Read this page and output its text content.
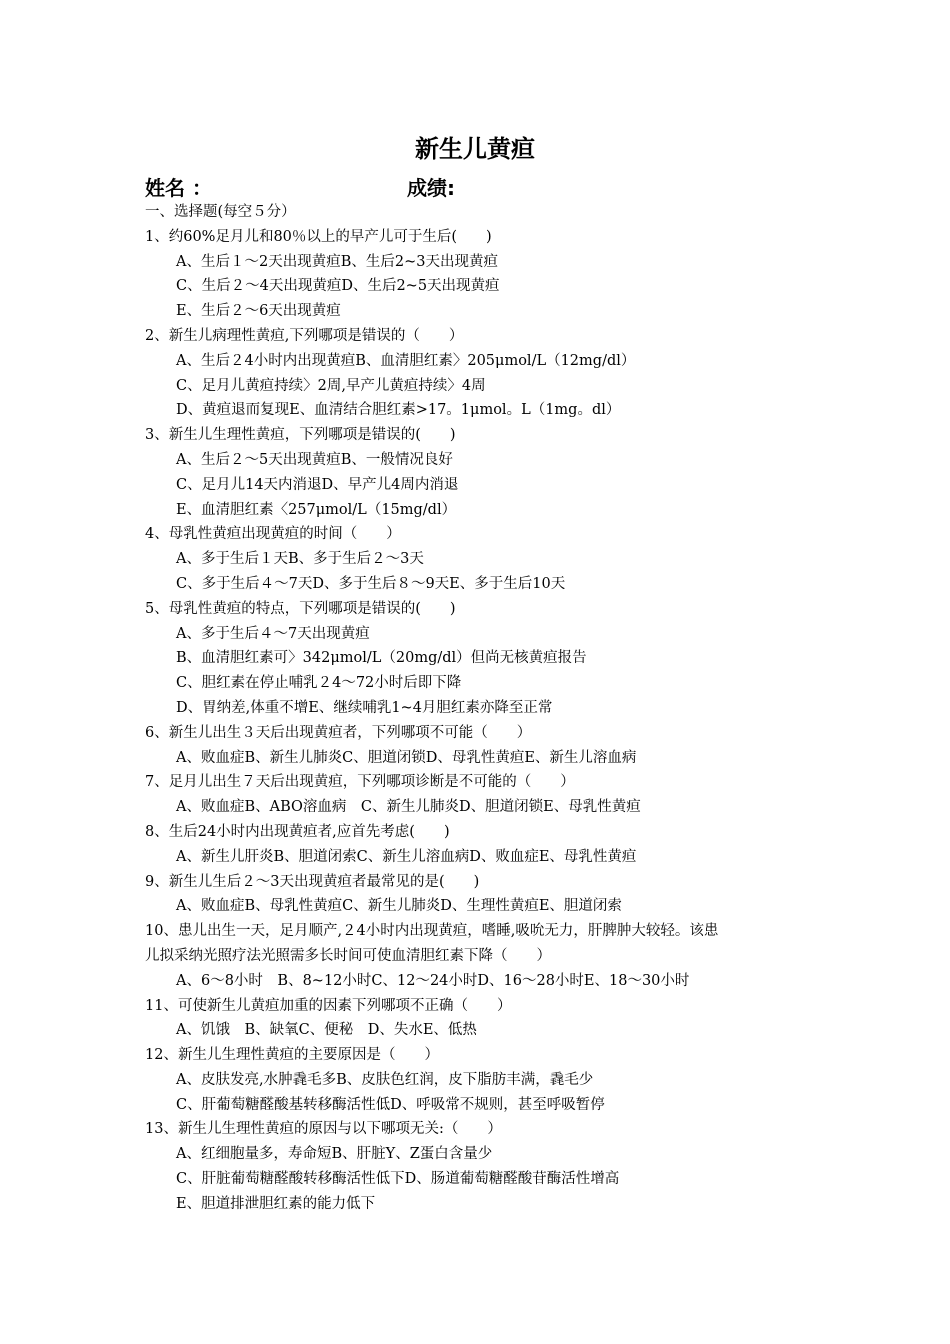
新生儿黄疸
姓名 ：	成绩:
一、选择题(每空５分）
1、约60%足月儿和80％以上的早产儿可于生后(　　)
A、生后１～2天出现黄疸B、生后2~3天出现黄疸
C、生后２～4天出现黄疸D、生后2~5天出现黄疸
E、生后２～6天出现黄疸
2、新生儿病理性黄疸,下列哪项是错误的（　　）
A、生后２4小时内出现黄疸B、血清胆红素〉205μmol/L（12mg/dl）
C、足月儿黄疸持续〉2周,早产儿黄疸持续〉4周
D、黄疸退而复现E、血清结合胆红素>17。1μmol。L（1mg。dl）
3、新生儿生理性黄疸，下列哪项是错误的(　　)
A、生后２～5天出现黄疸B、一般情况良好
C、足月儿14天内消退D、早产儿4周内消退
E、血清胆红素〈257μmol/L（15mg/dl）
4、母乳性黄疸出现黄疸的时间（　　）
A、多于生后１天B、多于生后２～3天
C、多于生后４～7天D、多于生后８～9天E、多于生后10天
5、母乳性黄疸的特点，下列哪项是错误的(　　)
A、多于生后４～7天出现黄疸
B、血清胆红素可〉342μmol/L（20mg/dl）但尚无核黄疸报告
C、胆红素在停止哺乳２4～72小时后即下降
D、胃纳差,体重不增E、继续哺乳1~4月胆红素亦降至正常
6、新生儿出生３天后出现黄疸者，下列哪项不可能（　　）
A、败血症B、新生儿肺炎C、胆道闭锁D、母乳性黄疸E、新生儿溶血病
7、足月儿出生７天后出现黄疸，下列哪项诊断是不可能的（　　）
A、败血症B、ABO溶血病　C、新生儿肺炎D、胆道闭锁E、母乳性黄疸
8、生后24小时内出现黄疸者,应首先考虑(　　)
A、新生儿肝炎B、胆道闭索C、新生儿溶血病D、败血症E、母乳性黄疸
9、新生儿生后２～3天出现黄疸者最常见的是(　　)
A、败血症B、母乳性黄疸C、新生儿肺炎D、生理性黄疸E、胆道闭索
10、患儿出生一天，足月顺产,２4小时内出现黄疸，嗜睡,吸吮无力，肝脾肿大较轻。该患
儿拟采纳光照疗法光照需多长时间可使血清胆红素下降（　　）
A、6～8小时　B、8~12小时C、12～24小时D、16～28小时E、18～30小时
11、可使新生儿黄疸加重的因素下列哪项不正确（　　）
A、饥饿　B、缺氧C、便秘　D、失水E、低热
12、新生儿生理性黄疸的主要原因是（　　）
A、皮肤发亮,水肿毳毛多B、皮肤色红润，皮下脂肪丰满，毳毛少
C、肝葡萄糖醛酸基转移酶活性低D、呼吸常不规则，甚至呼吸暂停
13、新生儿生理性黄疸的原因与以下哪项无关:（　　）
A、红细胞量多，寿命短B、肝脏Y、Z蛋白含量少
C、肝脏葡萄糖醛酸转移酶活性低下D、肠道葡萄糖醛酸苷酶活性增高
E、胆道排泄胆红素的能力低下
